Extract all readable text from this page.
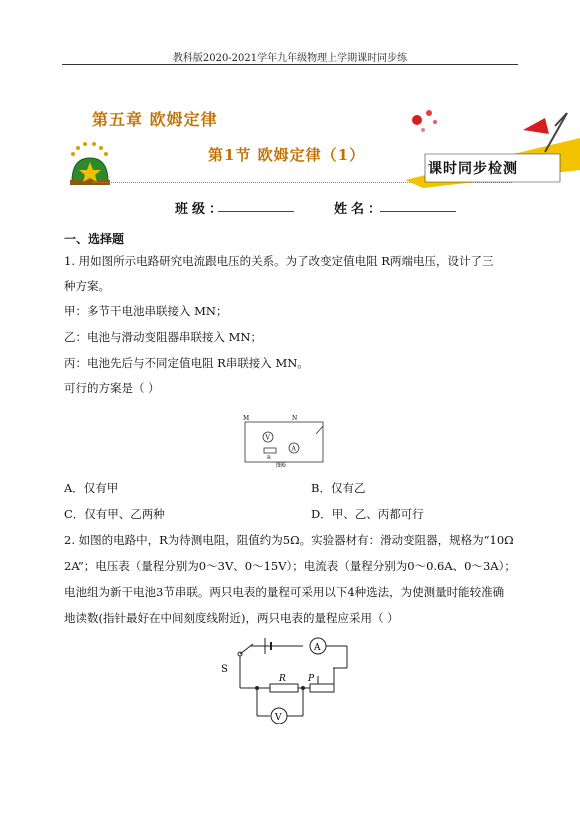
教科版2020-2021学年九年级物理上学期课时同步练
第五章 欧姆定律
第1节 欧姆定律（1）
课时同步检测
班级：	姓名：
一、选择题
1. 用如图所示电路研究电流跟电压的关系。为了改变定值电阻 R两端电压，设计了三
种方案。
甲：多节干电池串联接入 MN；
乙：电池与滑动变阻器串联接入 MN；
丙：电池先后与不同定值电阻 R串联接入 MN。
可行的方案是（ ）
M	N
V
A
R
图6
A．仅有甲	B．仅有乙
C．仅有甲、乙两种	D．甲、乙、丙都可行
2. 如图的电路中，R为待测电阻，阻值约为5Ω。实验器材有：滑动变阻器，规格为“10Ω
2A”；电压表（量程分别为0～3V、0～15V）；电流表（量程分别为0～0.6A、0～3A）；
电池组为新干电池3节串联。两只电表的量程可采用以下4种选法，为使测量时能较准确
地读数(指针最好在中间刻度线附近)，两只电表的量程应采用（ ）
S
A
R P
V
